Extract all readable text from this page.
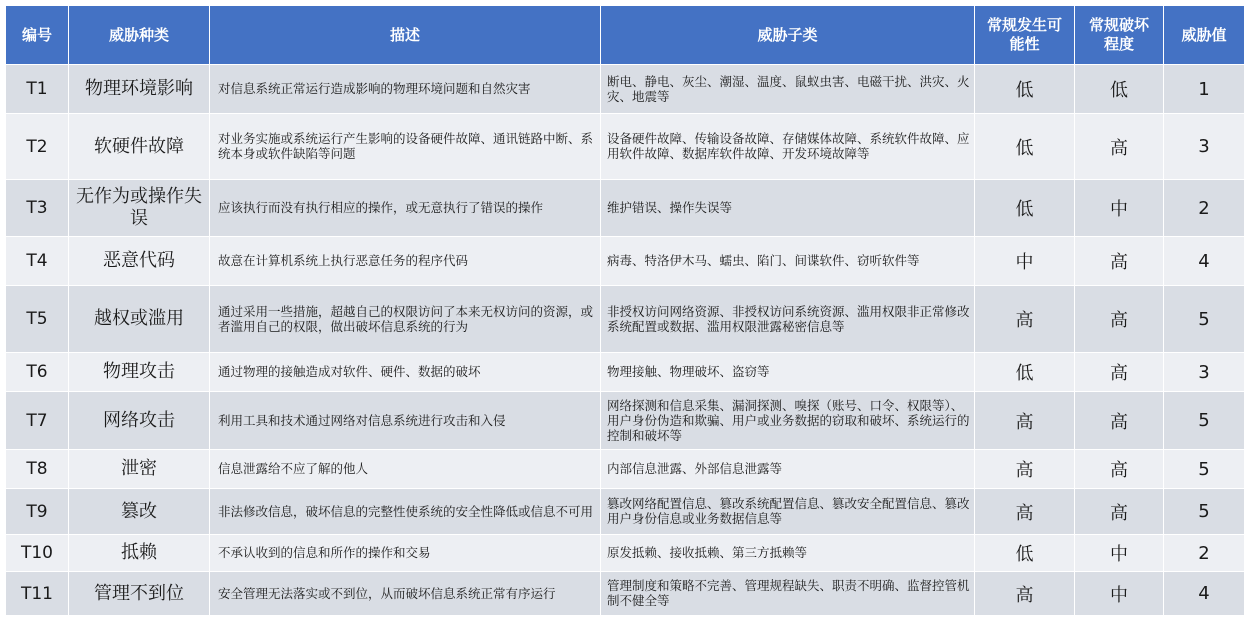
编号	威胁种类	描述	威胁子类	常规发生可能性	常规破坏程度	威胁值
T1	物理环境影响	对信息系统正常运行造成影响的物理环境问题和自然灾害	断电、静电、灰尘、潮湿、温度、鼠蚁虫害、电磁干扰、洪灾、火灾、地震等	低	低	1
T2	软硬件故障	对业务实施或系统运行产生影响的设备硬件故障、通讯链路中断、系统本身或软件缺陷等问题	设备硬件故障、传输设备故障、存储媒体故障、系统软件故障、应用软件故障、数据库软件故障、开发环境故障等	低	高	3
T3	无作为或操作失误	应该执行而没有执行相应的操作，或无意执行了错误的操作	维护错误、操作失误等	低	中	2
T4	恶意代码	故意在计算机系统上执行恶意任务的程序代码	病毒、特洛伊木马、蠕虫、陷门、间谍软件、窃听软件等	中	高	4
T5	越权或滥用	通过采用一些措施，超越自己的权限访问了本来无权访问的资源，或者滥用自己的权限，做出破坏信息系统的行为	非授权访问网络资源、非授权访问系统资源、滥用权限非正常修改系统配置或数据、滥用权限泄露秘密信息等	高	高	5
T6	物理攻击	通过物理的接触造成对软件、硬件、数据的破坏	物理接触、物理破坏、盗窃等	低	高	3
T7	网络攻击	利用工具和技术通过网络对信息系统进行攻击和入侵	网络探测和信息采集、漏洞探测、嗅探（账号、口令、权限等）、用户身份伪造和欺骗、用户或业务数据的窃取和破坏、系统运行的控制和破坏等	高	高	5
T8	泄密	信息泄露给不应了解的他人	内部信息泄露、外部信息泄露等	高	高	5
T9	篡改	非法修改信息，破坏信息的完整性使系统的安全性降低或信息不可用	篡改网络配置信息、篡改系统配置信息、篡改安全配置信息、篡改用户身份信息或业务数据信息等	高	高	5
T10	抵赖	不承认收到的信息和所作的操作和交易	原发抵赖、接收抵赖、第三方抵赖等	低	中	2
T11	管理不到位	安全管理无法落实或不到位，从而破坏信息系统正常有序运行	管理制度和策略不完善、管理规程缺失、职责不明确、监督控管机制不健全等	高	中	4
